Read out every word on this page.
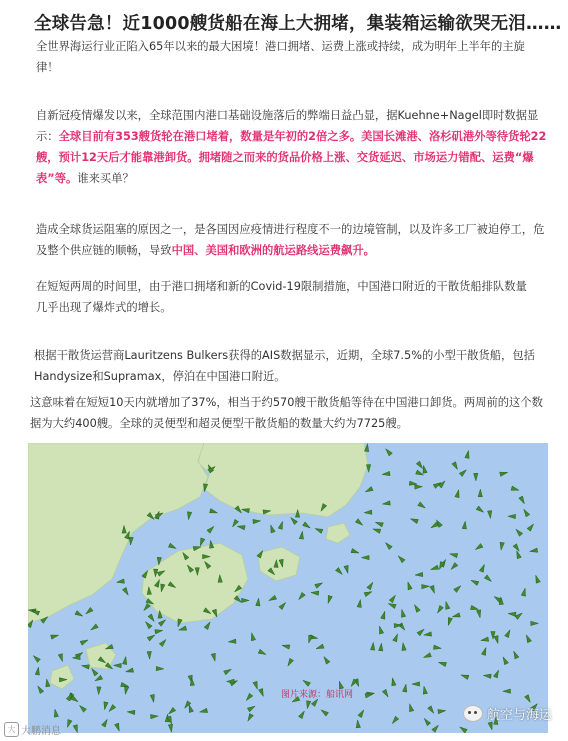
全球告急！近1000艘货船在海上大拥堵，集装箱运输欲哭无泪……
全世界海运行业正陷入65年以来的最大困境！港口拥堵、运费上涨或持续，成为明年上半年的主旋律！
自新冠疫情爆发以来，全球范围内港口基础设施落后的弊端日益凸显，据Kuehne+Nagel即时数据显示：全球目前有353艘货轮在港口堵着，数量是年初的2倍之多。美国长滩港、洛杉矶港外等待货轮22艘，预计12天后才能靠港卸货。拥堵随之而来的货品价格上涨、交货延迟、市场运力错配、运费“爆表”等。谁来买单？
造成全球货运阻塞的原因之一，是各国因应疫情进行程度不一的边境管制，以及许多工厂被迫停工，危及整个供应链的顺畅，导致中国、美国和欧洲的航运路线运费飙升。
在短短两周的时间里，由于港口拥堵和新的Covid-19限制措施，中国港口附近的干散货船排队数量几乎出现了爆炸式的增长。
根据干散货运营商Lauritzens Bulkers获得的AIS数据显示，近期，全球7.5%的小型干散货船，包括Handysize和Supramax，停泊在中国港口附近。
这意味着在短短10天内就增加了37%，相当于约570艘干散货船等待在中国港口卸货。两周前的这个数据为大约400艘。全球的灵便型和超灵便型干散货船的数量大约为7725艘。
图片来源：船讯网
大 大鹏消息
航空与海运
